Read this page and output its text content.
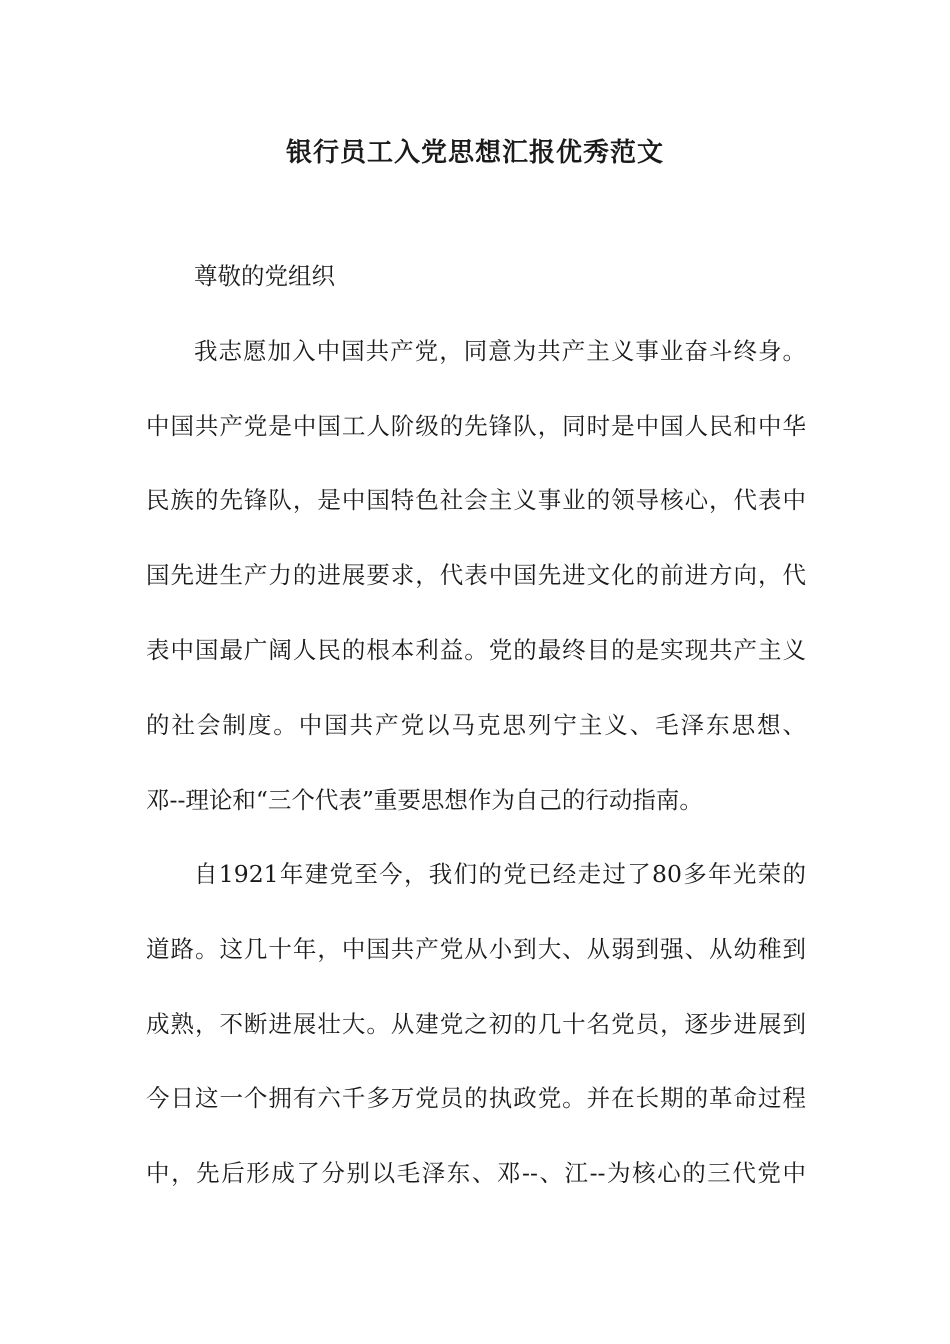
银行员工入党思想汇报优秀范文
尊敬的党组织
我志愿加入中国共产党，同意为共产主义事业奋斗终身。
中国共产党是中国工人阶级的先锋队，同时是中国人民和中华
民族的先锋队，是中国特色社会主义事业的领导核心，代表中
国先进生产力的进展要求，代表中国先进文化的前进方向，代
表中国最广阔人民的根本利益。党的最终目的是实现共产主义
的社会制度。中国共产党以马克思列宁主义、毛泽东思想、
邓--理论和“三个代表”重要思想作为自己的行动指南。
自1921年建党至今，我们的党已经走过了80多年光荣的
道路。这几十年，中国共产党从小到大、从弱到强、从幼稚到
成熟，不断进展壮大。从建党之初的几十名党员，逐步进展到
今日这一个拥有六千多万党员的执政党。并在长期的革命过程
中，先后形成了分别以毛泽东、邓--、江--为核心的三代党中
